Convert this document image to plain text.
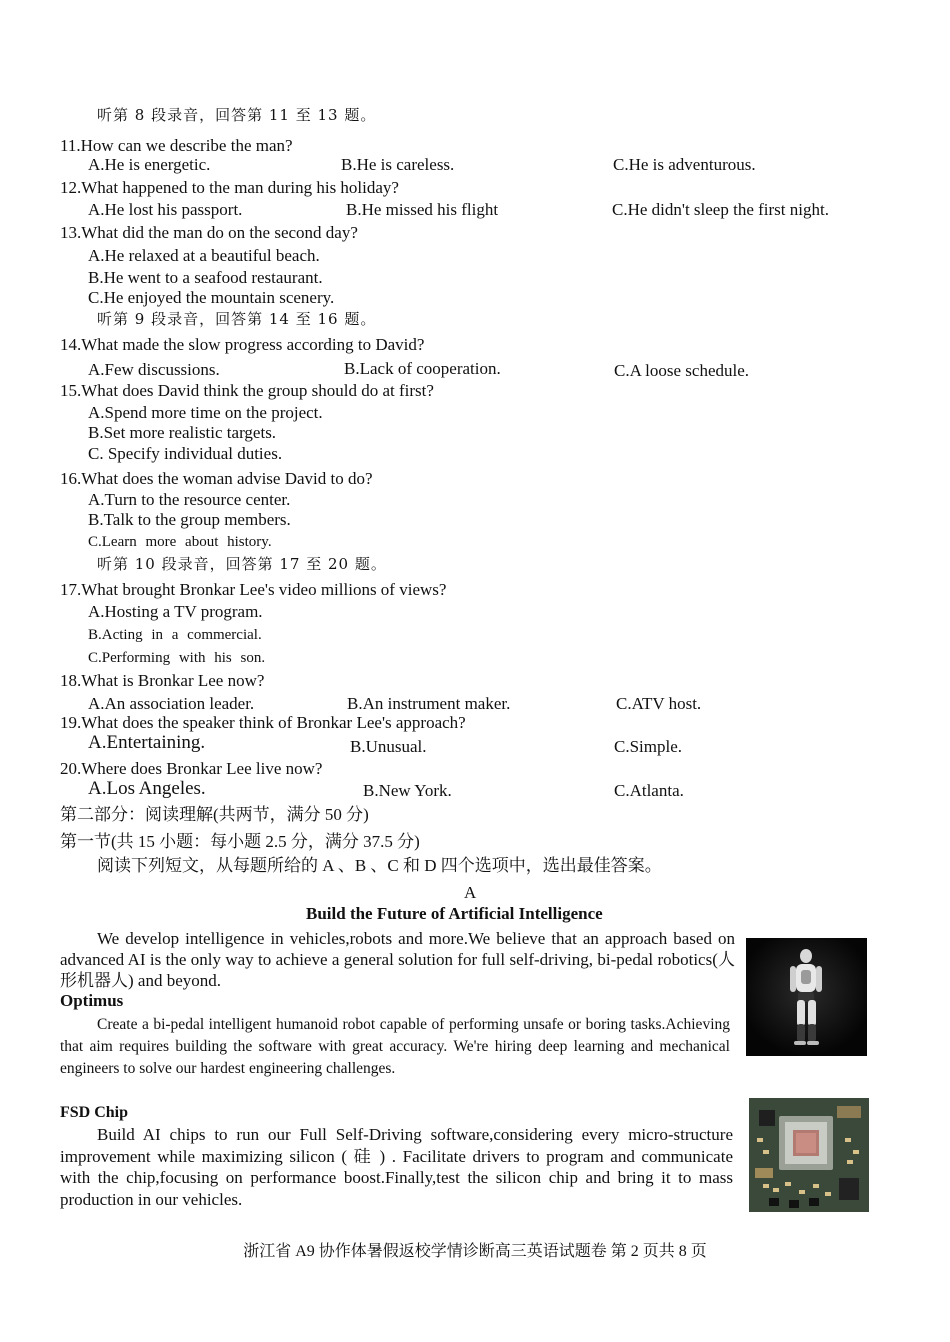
听第 8 段录音，回答第 11 至 13 题。
11.How can we describe the man?
A.He is energetic.	B.He is careless.	C.He is adventurous.
12.What happened to the man during his holiday?
A.He lost his passport.	B.He missed his flight	C.He didn't sleep the first night.
13.What did the man do on the second day?
A.He relaxed at a beautiful beach.
B.He went to a seafood restaurant.
C.He enjoyed the mountain scenery.
听第 9 段录音，回答第 14 至 16 题。
14.What made the slow progress according to David?
A.Few discussions.	B.Lack of cooperation.	C.A loose schedule.
15.What does David think the group should do at first?
A.Spend more time on the project.
B.Set more realistic targets.
C. Specify individual duties.
16.What does the woman advise David to do?
A.Turn to the resource center.
B.Talk to the group members.
C.Learn more about history.
听第 10 段录音，回答第 17 至 20 题。
17.What brought Bronkar Lee's video millions of views?
A.Hosting a TV program.
B.Acting in a commercial.
C.Performing with his son.
18.What is Bronkar Lee now?
A.An association leader.	B.An instrument maker.	C.ATV host.
19.What does the speaker think of Bronkar Lee's approach?
A.Entertaining.	B.Unusual.	C.Simple.
20.Where does Bronkar Lee live now?
A.Los Angeles.	B.New York.	C.Atlanta.
第二部分：阅读理解(共两节，满分 50 分)
第一节(共 15 小题：每小题 2.5 分，满分 37.5 分)
阅读下列短文，从每题所给的 A 、B 、C 和 D 四个选项中，选出最佳答案。
A
Build the Future of Artificial Intelligence
We develop intelligence in vehicles,robots and more.We believe that an approach based on advanced AI is the only way to achieve a general solution for full self-driving, bi-pedal robotics(人形机器人) and beyond.
Optimus
Create a bi-pedal intelligent humanoid robot capable of performing unsafe or boring tasks.Achieving that aim requires building the software with great accuracy. We're hiring deep learning and mechanical engineers to solve our hardest engineering challenges.
FSD Chip
Build AI chips to run our Full Self-Driving software,considering every micro-structure improvement while maximizing silicon ( 硅 ) . Facilitate drivers to program and communicate with the chip,focusing on performance boost.Finally,test the silicon chip and bring it to mass production in our vehicles.
浙江省 A9 协作体暑假返校学情诊断高三英语试题卷 第 2 页共 8 页
